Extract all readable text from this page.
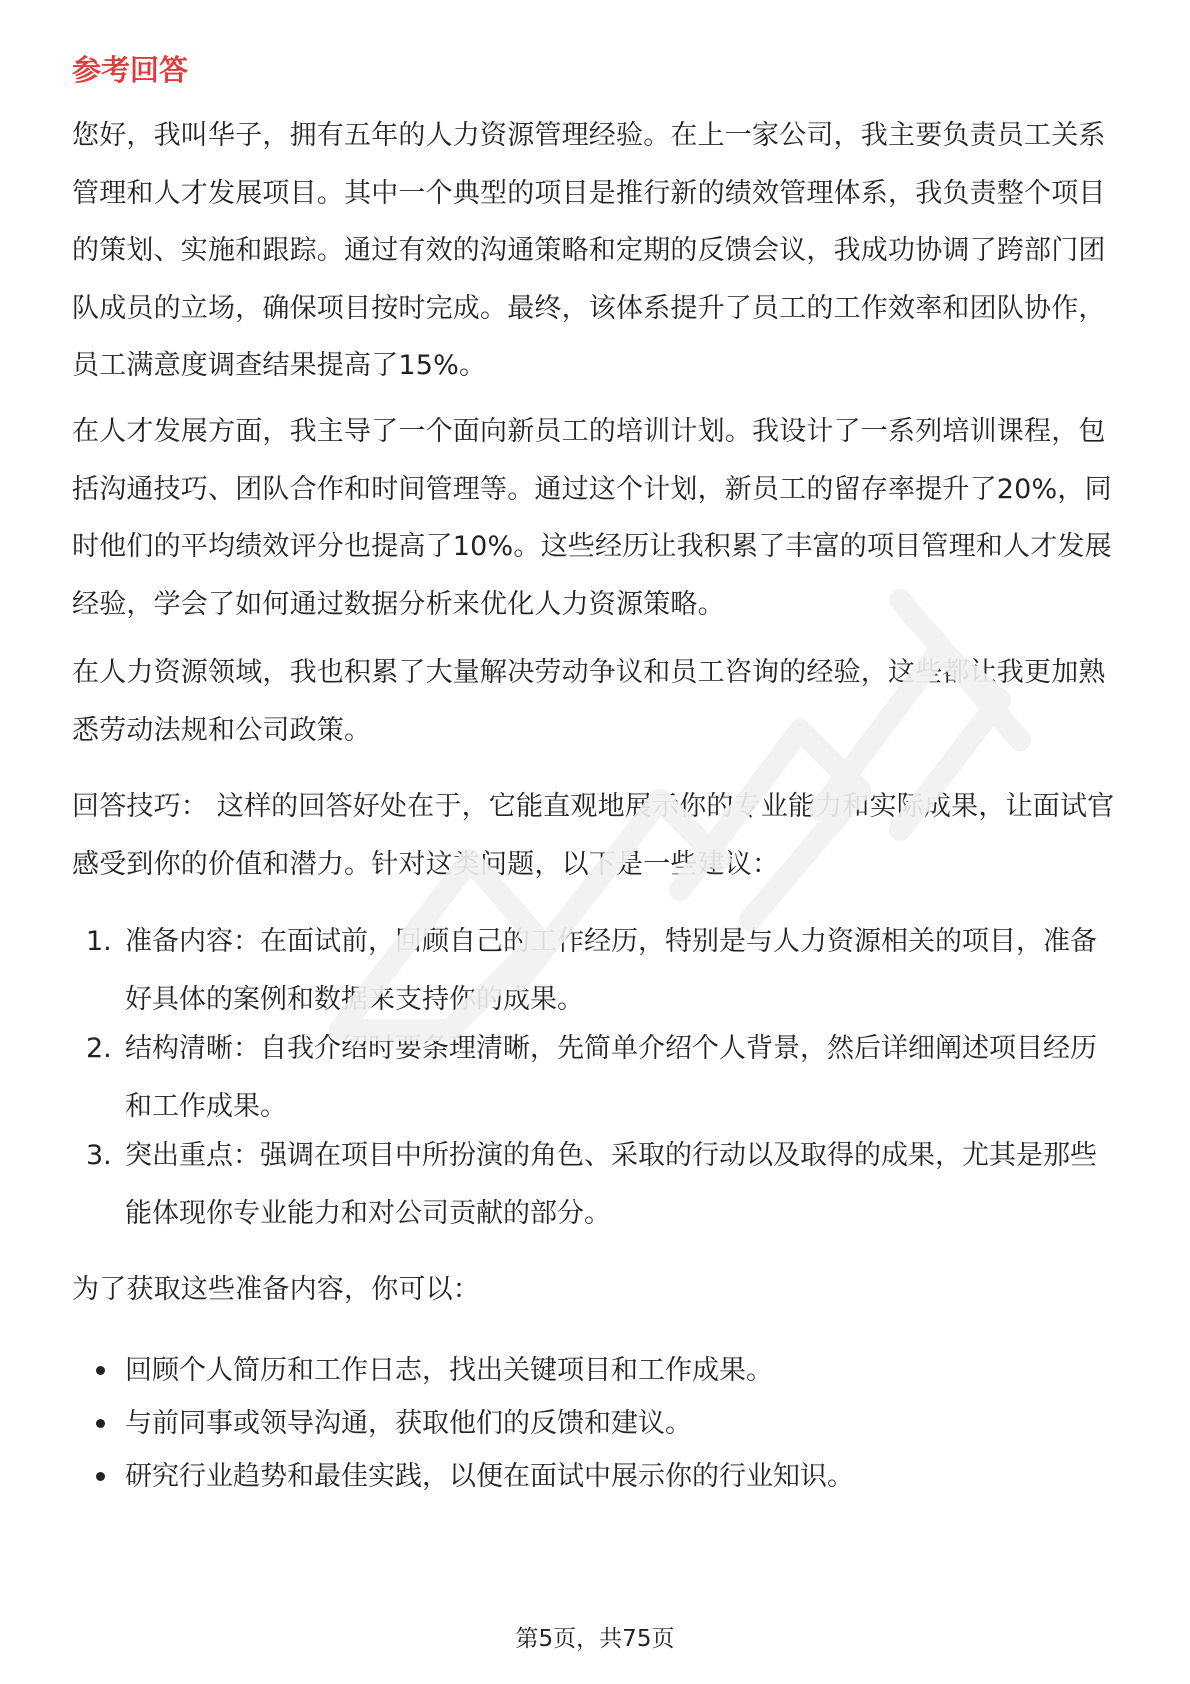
参考回答

您好，我叫华子，拥有五年的人力资源管理经验。在上一家公司，我主要负责员工关系管理和人才发展项目。其中一个典型的项目是推行新的绩效管理体系，我负责整个项目的策划、实施和跟踪。通过有效的沟通策略和定期的反馈会议，我成功协调了跨部门团队成员的立场，确保项目按时完成。最终，该体系提升了员工的工作效率和团队协作，员工满意度调查结果提高了15%。

在人才发展方面，我主导了一个面向新员工的培训计划。我设计了一系列培训课程，包括沟通技巧、团队合作和时间管理等。通过这个计划，新员工的留存率提升了20%，同时他们的平均绩效评分也提高了10%。这些经历让我积累了丰富的项目管理和人才发展经验，学会了如何通过数据分析来优化人力资源策略。

在人力资源领域，我也积累了大量解决劳动争议和员工咨询的经验，这些都让我更加熟悉劳动法规和公司政策。

回答技巧： 这样的回答好处在于，它能直观地展示你的专业能力和实际成果，让面试官感受到你的价值和潜力。针对这类问题，以下是一些建议：

1. 准备内容：在面试前，回顾自己的工作经历，特别是与人力资源相关的项目，准备好具体的案例和数据来支持你的成果。
2. 结构清晰：自我介绍时要条理清晰，先简单介绍个人背景，然后详细阐述项目经历和工作成果。
3. 突出重点：强调在项目中所扮演的角色、采取的行动以及取得的成果，尤其是那些能体现你专业能力和对公司贡献的部分。

为了获取这些准备内容，你可以：

回顾个人简历和工作日志，找出关键项目和工作成果。
与前同事或领导沟通，获取他们的反馈和建议。
研究行业趋势和最佳实践，以便在面试中展示你的行业知识。
第5页，共75页
